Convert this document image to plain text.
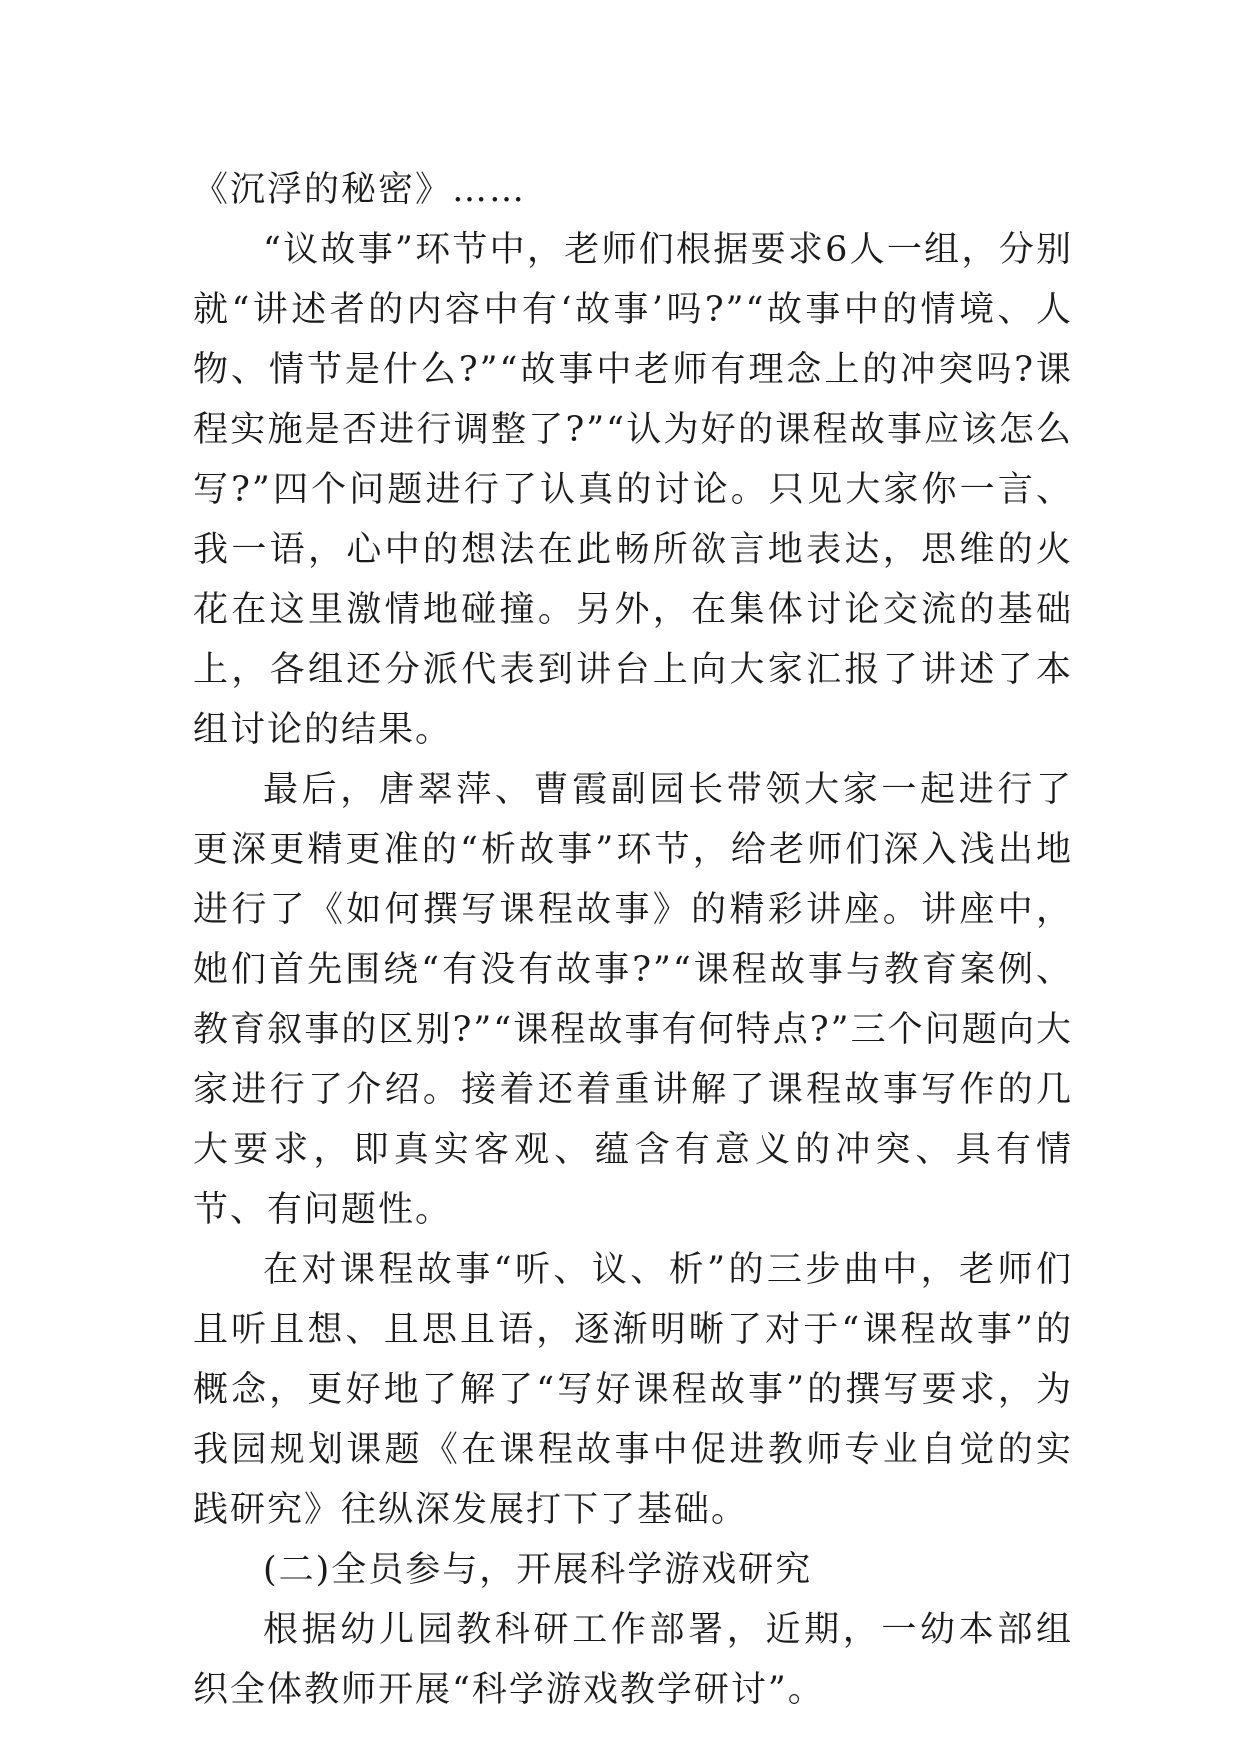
《沉浮的秘密》……

“议故事”环节中，老师们根据要求6人一组，分别就“讲述者的内容中有‘故事’吗?”“故事中的情境、人物、情节是什么?”“故事中老师有理念上的冲突吗?课程实施是否进行调整了?”“认为好的课程故事应该怎么写?”四个问题进行了认真的讨论。只见大家你一言、我一语，心中的想法在此畅所欲言地表达，思维的火花在这里激情地碰撞。另外，在集体讨论交流的基础上，各组还分派代表到讲台上向大家汇报了讲述了本组讨论的结果。

最后，唐翠萍、曹霞副园长带领大家一起进行了更深更精更准的“析故事”环节，给老师们深入浅出地进行了《如何撰写课程故事》的精彩讲座。讲座中，她们首先围绕“有没有故事?”“课程故事与教育案例、教育叙事的区别?”“课程故事有何特点?”三个问题向大家进行了介绍。接着还着重讲解了课程故事写作的几大要求，即真实客观、蕴含有意义的冲突、具有情节、有问题性。

在对课程故事“听、议、析”的三步曲中，老师们且听且想、且思且语，逐渐明晰了对于“课程故事”的概念，更好地了解了“写好课程故事”的撰写要求，为我园规划课题《在课程故事中促进教师专业自觉的实践研究》往纵深发展打下了基础。

(二)全员参与，开展科学游戏研究

根据幼儿园教科研工作部署，近期，一幼本部组织全体教师开展“科学游戏教学研讨”。
